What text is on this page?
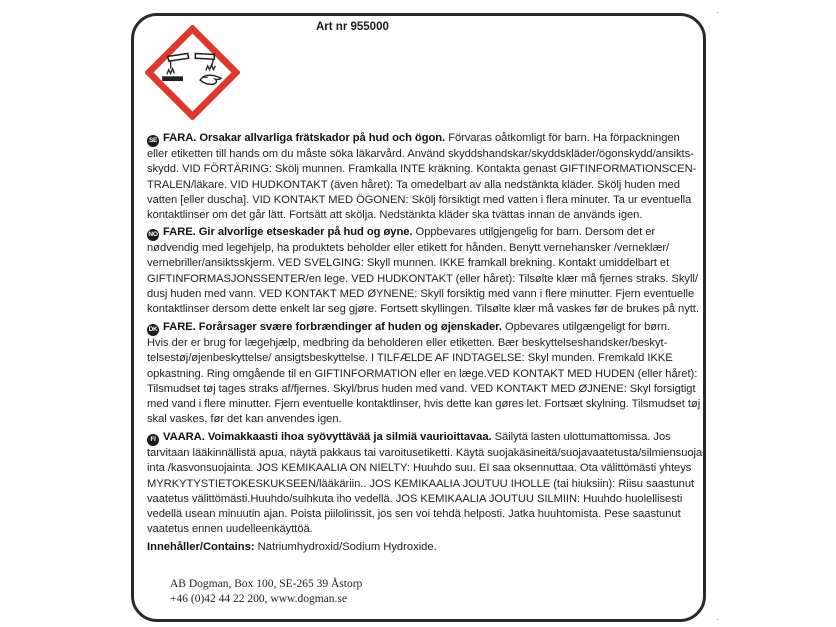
Art nr 955000
SE FARA. Orsakar allvarliga frätskador på hud och ögon. Förvaras oåtkomligt för barn. Ha förpackningen
eller etiketten till hands om du måste söka läkarvård. Använd skyddshandskar/skyddskläder/ögonskydd/ansikts-
skydd. VID FÖRTÄRING: Skölj munnen. Framkalla INTE kräkning. Kontakta genast GIFTINFORMATIONSCEN-
TRALEN/läkare. VID HUDKONTAKT (även håret): Ta omedelbart av alla nedstänkta kläder. Skölj huden med
vatten [eller duscha]. VID KONTAKT MED ÖGONEN: Skölj försiktigt med vatten i flera minuter. Ta ur eventuella
kontaktlinser om det går lätt. Fortsätt att skölja. Nedstänkta kläder ska tvättas innan de används igen.
NO FARE. Gir alvorlige etseskader på hud og øyne. Oppbevares utilgjengelig for barn. Dersom det er
nødvendig med legehjelp, ha produktets beholder eller etikett for hånden. Benytt vernehansker /verneklær/
vernebriller/ansiktsskjerm. VED SVELGING: Skyll munnen. IKKE framkall brekning. Kontakt umiddelbart et
GIFTINFORMASJONSSENTER/en lege. VED HUDKONTAKT (eller håret): Tilsølte klær må fjernes straks. Skyll/
dusj huden med vann. VED KONTAKT MED ØYNENE: Skyll forsiktig med vann i flere minutter. Fjern eventuelle
kontaktlinser dersom dette enkelt lar seg gjøre. Fortsett skyllingen. Tilsølte klær må vaskes før de brukes på nytt.
DK FARE. Forårsager svære forbrændinger af huden og øjenskader. Opbevares utilgængeligt for børn.
Hvis der er brug for lægehjælp, medbring da beholderen eller etiketten. Bær beskyttelseshandsker/beskyt-
telsestøj/øjenbeskyttelse/ ansigtsbeskyttelse. I TILFÆLDE AF INDTAGELSE: Skyl munden. Fremkald IKKE
opkastning. Ring omgående til en GIFTINFORMATION eller en læge.VED KONTAKT MED HUDEN (eller håret):
Tilsmudset tøj tages straks af/fjernes. Skyl/brus huden med vand. VED KONTAKT MED ØJNENE: Skyl forsigtigt
med vand i flere minutter. Fjern eventuelle kontaktlinser, hvis dette kan gøres let. Fortsæt skylning. Tilsmudset tøj
skal vaskes, før det kan anvendes igen.
FI VAARA. Voimakkaasti ihoa syövyttävää ja silmiä vaurioittavaa. Säilytä lasten ulottumattomissa. Jos
tarvitaan lääkinnällistä apua, näytä pakkaus tai varoitusetiketti. Käytä suojakäsineitä/suojavaatetusta/silmiensuoja-
inta /kasvonsuojainta. JOS KEMIKAALIA ON NIELTY: Huuhdo suu. EI saa oksennuttaa. Ota välittömästi yhteys
MYRKYTYSTIETOKESKUKSEEN/lääkäriin.. JOS KEMIKAALIA JOUTUU IHOLLE (tai hiuksiin): Riisu saastunut
vaatetus välittömästi.Huuhdo/suihkuta iho vedellä. JOS KEMIKAALIA JOUTUU SILMIIN: Huuhdo huolellisesti
vedellä usean minuutin ajan. Poista piilolinssit, jos sen voi tehdä helposti. Jatka huuhtomista. Pese saastunut
vaatetus ennen uudelleenkäyttöä.
Innehåller/Contains: Natriumhydroxid/Sodium Hydroxide.
AB Dogman, Box 100, SE-265 39 Åstorp
+46 (0)42 44 22 200, www.dogman.se
